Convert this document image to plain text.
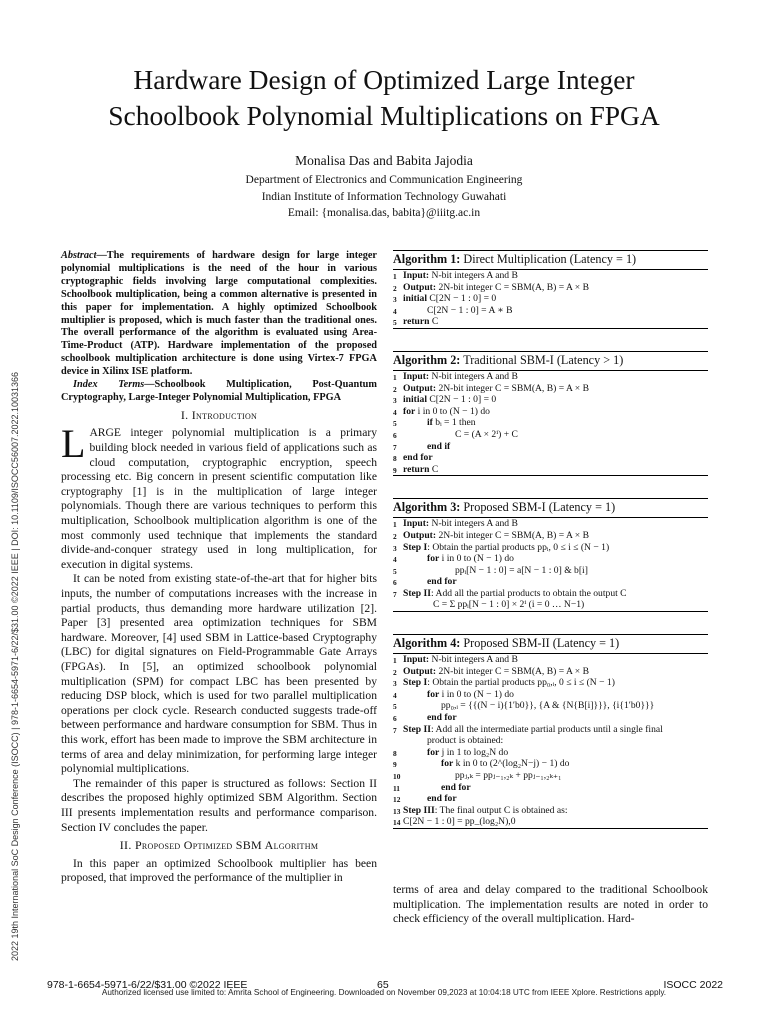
Hardware Design of Optimized Large Integer
Schoolbook Polynomial Multiplications on FPGA
Monalisa Das and Babita Jajodia
Department of Electronics and Communication Engineering
Indian Institute of Information Technology Guwahati
Email: {monalisa.das, babita}@iiitg.ac.in
2022 19th International SoC Design Conference (ISOCC) | 978-1-6654-5971-6/22/$31.00 ©2022 IEEE | DOI: 10.1109/ISOCC56007.2022.10031366

Abstract—The requirements of hardware design for large integer polynomial multiplications is the need of the hour in various cryptographic fields involving large computational complexities. Schoolbook multiplication, being a common alternative is presented in this paper for implementation. A highly optimized Schoolbook multiplier is proposed, which is much faster than the traditional ones. The overall performance of the algorithm is evaluated using Area-Time-Product (ATP). Hardware implementation of the proposed schoolbook multiplication architecture is done using Virtex-7 FPGA device in Xilinx ISE platform.

Index Terms—Schoolbook Multiplication, Post-Quantum Cryptography, Large-Integer Polynomial Multiplication, FPGA

I. Introduction

LARGE integer polynomial multiplication is a primary building block needed in various field of applications such as cloud computation, cryptographic encryption, speech processing etc. Big concern in present scientific computation like cryptography [1] is in the multiplication of large integer polynomials. Though there are various techniques to perform this multiplication, Schoolbook multiplication algorithm is one of the most commonly used technique that implements the standard divide-and-conquer strategy used in long multiplication, for execution in digital systems.

It can be noted from existing state-of-the-art that for higher bits inputs, the number of computations increases with the increase in partial products, thus demanding more hardware utilization [2]. Paper [3] presented area optimization techniques for SBM hardware. Moreover, [4] used SBM in Lattice-based Cryptography (LBC) for digital signatures on Field-Programmable Gate Arrays (FPGAs). In [5], an optimized schoolbook polynomial multiplication (SPM) for compact LBC has been presented by reducing DSP block, which is used for two parallel multiplication operations per clock cycle. Research conducted suggests trade-off between performance and hardware consumption for SBM. Thus in this work, effort has been made to improve the SBM architecture in terms of area and delay minimization, for performing large integer polynomial multiplications.

The remainder of this paper is structured as follows: Section II describes the proposed highly optimized SBM Algorithm. Section III presents implementation results and performance comparison. Section IV concludes the paper.

II. Proposed Optimized SBM Algorithm

In this paper an optimized Schoolbook multiplier has been proposed, that improved the performance of the multiplier in

Algorithm 1: Direct Multiplication (Latency = 1)
1 Input: N-bit integers A and B
2 Output: 2N-bit integer C = SBM(A, B) = A × B
3 initial C[2N − 1 : 0] = 0
4	C[2N − 1 : 0] = A ∗ B
5 return C
Algorithm 2: Traditional SBM-I (Latency > 1)
1 Input: N-bit integers A and B
2 Output: 2N-bit integer C = SBM(A, B) = A × B
3 initial C[2N − 1 : 0] = 0
4 for i in 0 to (N − 1) do
5	if bᵢ = 1 then
6	C = (A × 2ⁱ) + C
7	end if
8 end for
9 return C
Algorithm 3: Proposed SBM-I (Latency = 1)
1 Input: N-bit integers A and B
2 Output: 2N-bit integer C = SBM(A, B) = A × B
3 Step I: Obtain the partial products ppᵢ, 0 ≤ i ≤ (N − 1)
4	for i in 0 to (N − 1) do
5	ppᵢ[N − 1 : 0] = a[N − 1 : 0] & b[i]
6	end for
7 Step II: Add all the partial products to obtain the output C
C = Σ ppᵢ[N − 1 : 0] × 2ⁱ (i = 0 … N−1)
Algorithm 4: Proposed SBM-II (Latency = 1)
1 Input: N-bit integers A and B
2 Output: 2N-bit integer C = SBM(A, B) = A × B
3 Step I: Obtain the partial products pp₀,ᵢ, 0 ≤ i ≤ (N − 1)
4	for i in 0 to (N − 1) do
5	pp₀,ᵢ = {{(N − i){1′b0}}, {A & {N{B[i]}}}, {i{1′b0}}}
6	end for
7 Step II: Add all the intermediate partial products until a single final
product is obtained:
8	for j in 1 to log₂N do
9	for k in 0 to (2^(log₂N−j) − 1) do
10	ppⱼ,ₖ = ppⱼ₋₁,₂ₖ + ppⱼ₋₁,₂ₖ₊₁
11	end for
12	end for
13 Step III: The final output C is obtained as:
14 C[2N − 1 : 0] = pp_(log₂N),0
terms of area and delay compared to the traditional Schoolbook multiplication. The implementation results are noted in order to check efficiency of the overall multiplication. Hard-
978-1-6654-5971-6/22/$31.00 ©2022 IEEE	65	ISOCC 2022
Authorized licensed use limited to: Amrita School of Engineering. Downloaded on November 09,2023 at 10:04:18 UTC from IEEE Xplore. Restrictions apply.
